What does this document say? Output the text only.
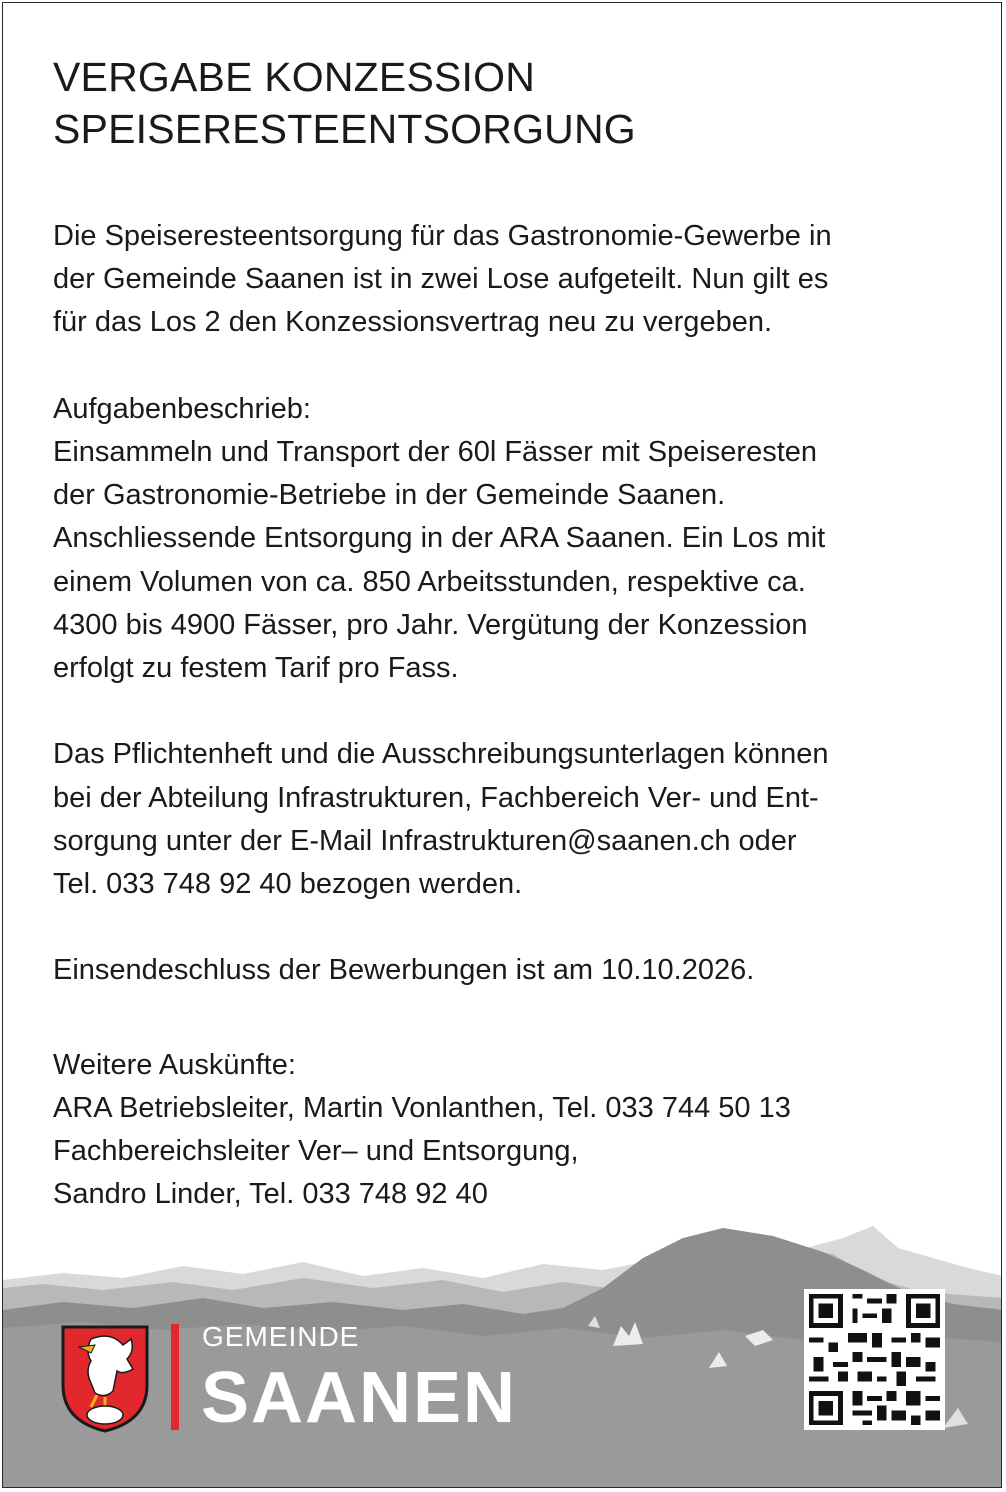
VERGABE KONZESSION
SPEISERESTEENTSORGUNG

Die Speiseresteentsorgung für das Gastronomie-Gewerbe in
der Gemeinde Saanen ist in zwei Lose aufgeteilt. Nun gilt es
für das Los 2 den Konzessionsvertrag neu zu vergeben.

Aufgabenbeschrieb:
Einsammeln und Transport der 60l Fässer mit Speiseresten
der Gastronomie-Betriebe in der Gemeinde Saanen.
Anschliessende Entsorgung in der ARA Saanen. Ein Los mit
einem Volumen von ca. 850 Arbeitsstunden, respektive ca.
4300 bis 4900 Fässer, pro Jahr. Vergütung der Konzession
erfolgt zu festem Tarif pro Fass.

Das Pflichtenheft und die Ausschreibungsunterlagen können
bei der Abteilung Infrastrukturen, Fachbereich Ver- und Ent-
sorgung unter der E-Mail Infrastrukturen@saanen.ch oder
Tel. 033 748 92 40 bezogen werden.

Einsendeschluss der Bewerbungen ist am 10.10.2026.

Weitere Auskünfte:
ARA Betriebsleiter, Martin Vonlanthen, Tel. 033 744 50 13
Fachbereichsleiter Ver– und Entsorgung,
Sandro Linder, Tel. 033 748 92 40

GEMEINDE
SAANEN
